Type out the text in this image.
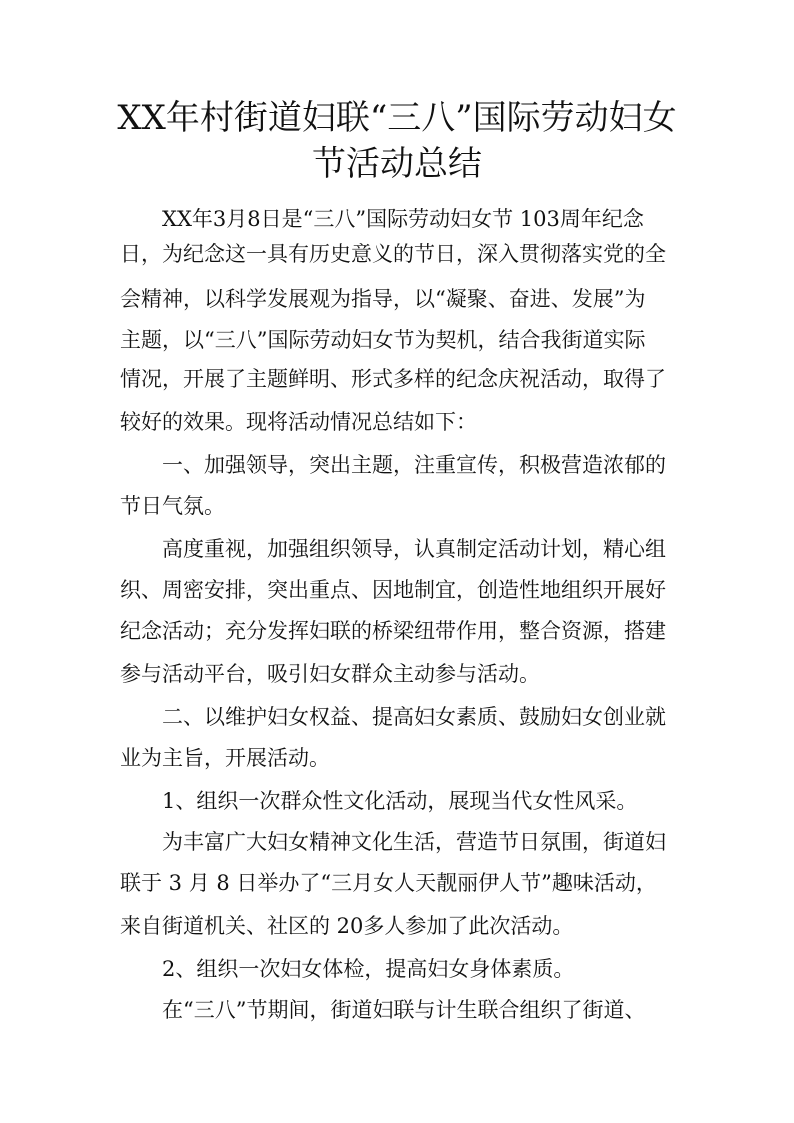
XX年村街道妇联“三八”国际劳动妇女
节活动总结

XX年3月8日是“三八”国际劳动妇女节 103周年纪念

日，为纪念这一具有历史意义的节日，深入贯彻落实党的全

会精神，以科学发展观为指导，以“凝聚、奋进、发展”为

主题，以“三八”国际劳动妇女节为契机，结合我街道实际

情况，开展了主题鲜明、形式多样的纪念庆祝活动，取得了

较好的效果。现将活动情况总结如下：

一、加强领导，突出主题，注重宣传，积极营造浓郁的

节日气氛。

高度重视，加强组织领导，认真制定活动计划，精心组

织、周密安排，突出重点、因地制宜，创造性地组织开展好

纪念活动；充分发挥妇联的桥梁纽带作用，整合资源，搭建

参与活动平台，吸引妇女群众主动参与活动。

二、以维护妇女权益、提高妇女素质、鼓励妇女创业就

业为主旨，开展活动。

1、组织一次群众性文化活动，展现当代女性风采。

为丰富广大妇女精神文化生活，营造节日氛围，街道妇

联于 3 月 8 日举办了“三月女人天靓丽伊人节”趣味活动，

来自街道机关、社区的 20多人参加了此次活动。

2、组织一次妇女体检，提高妇女身体素质。

在“三八”节期间，街道妇联与计生联合组织了街道、
